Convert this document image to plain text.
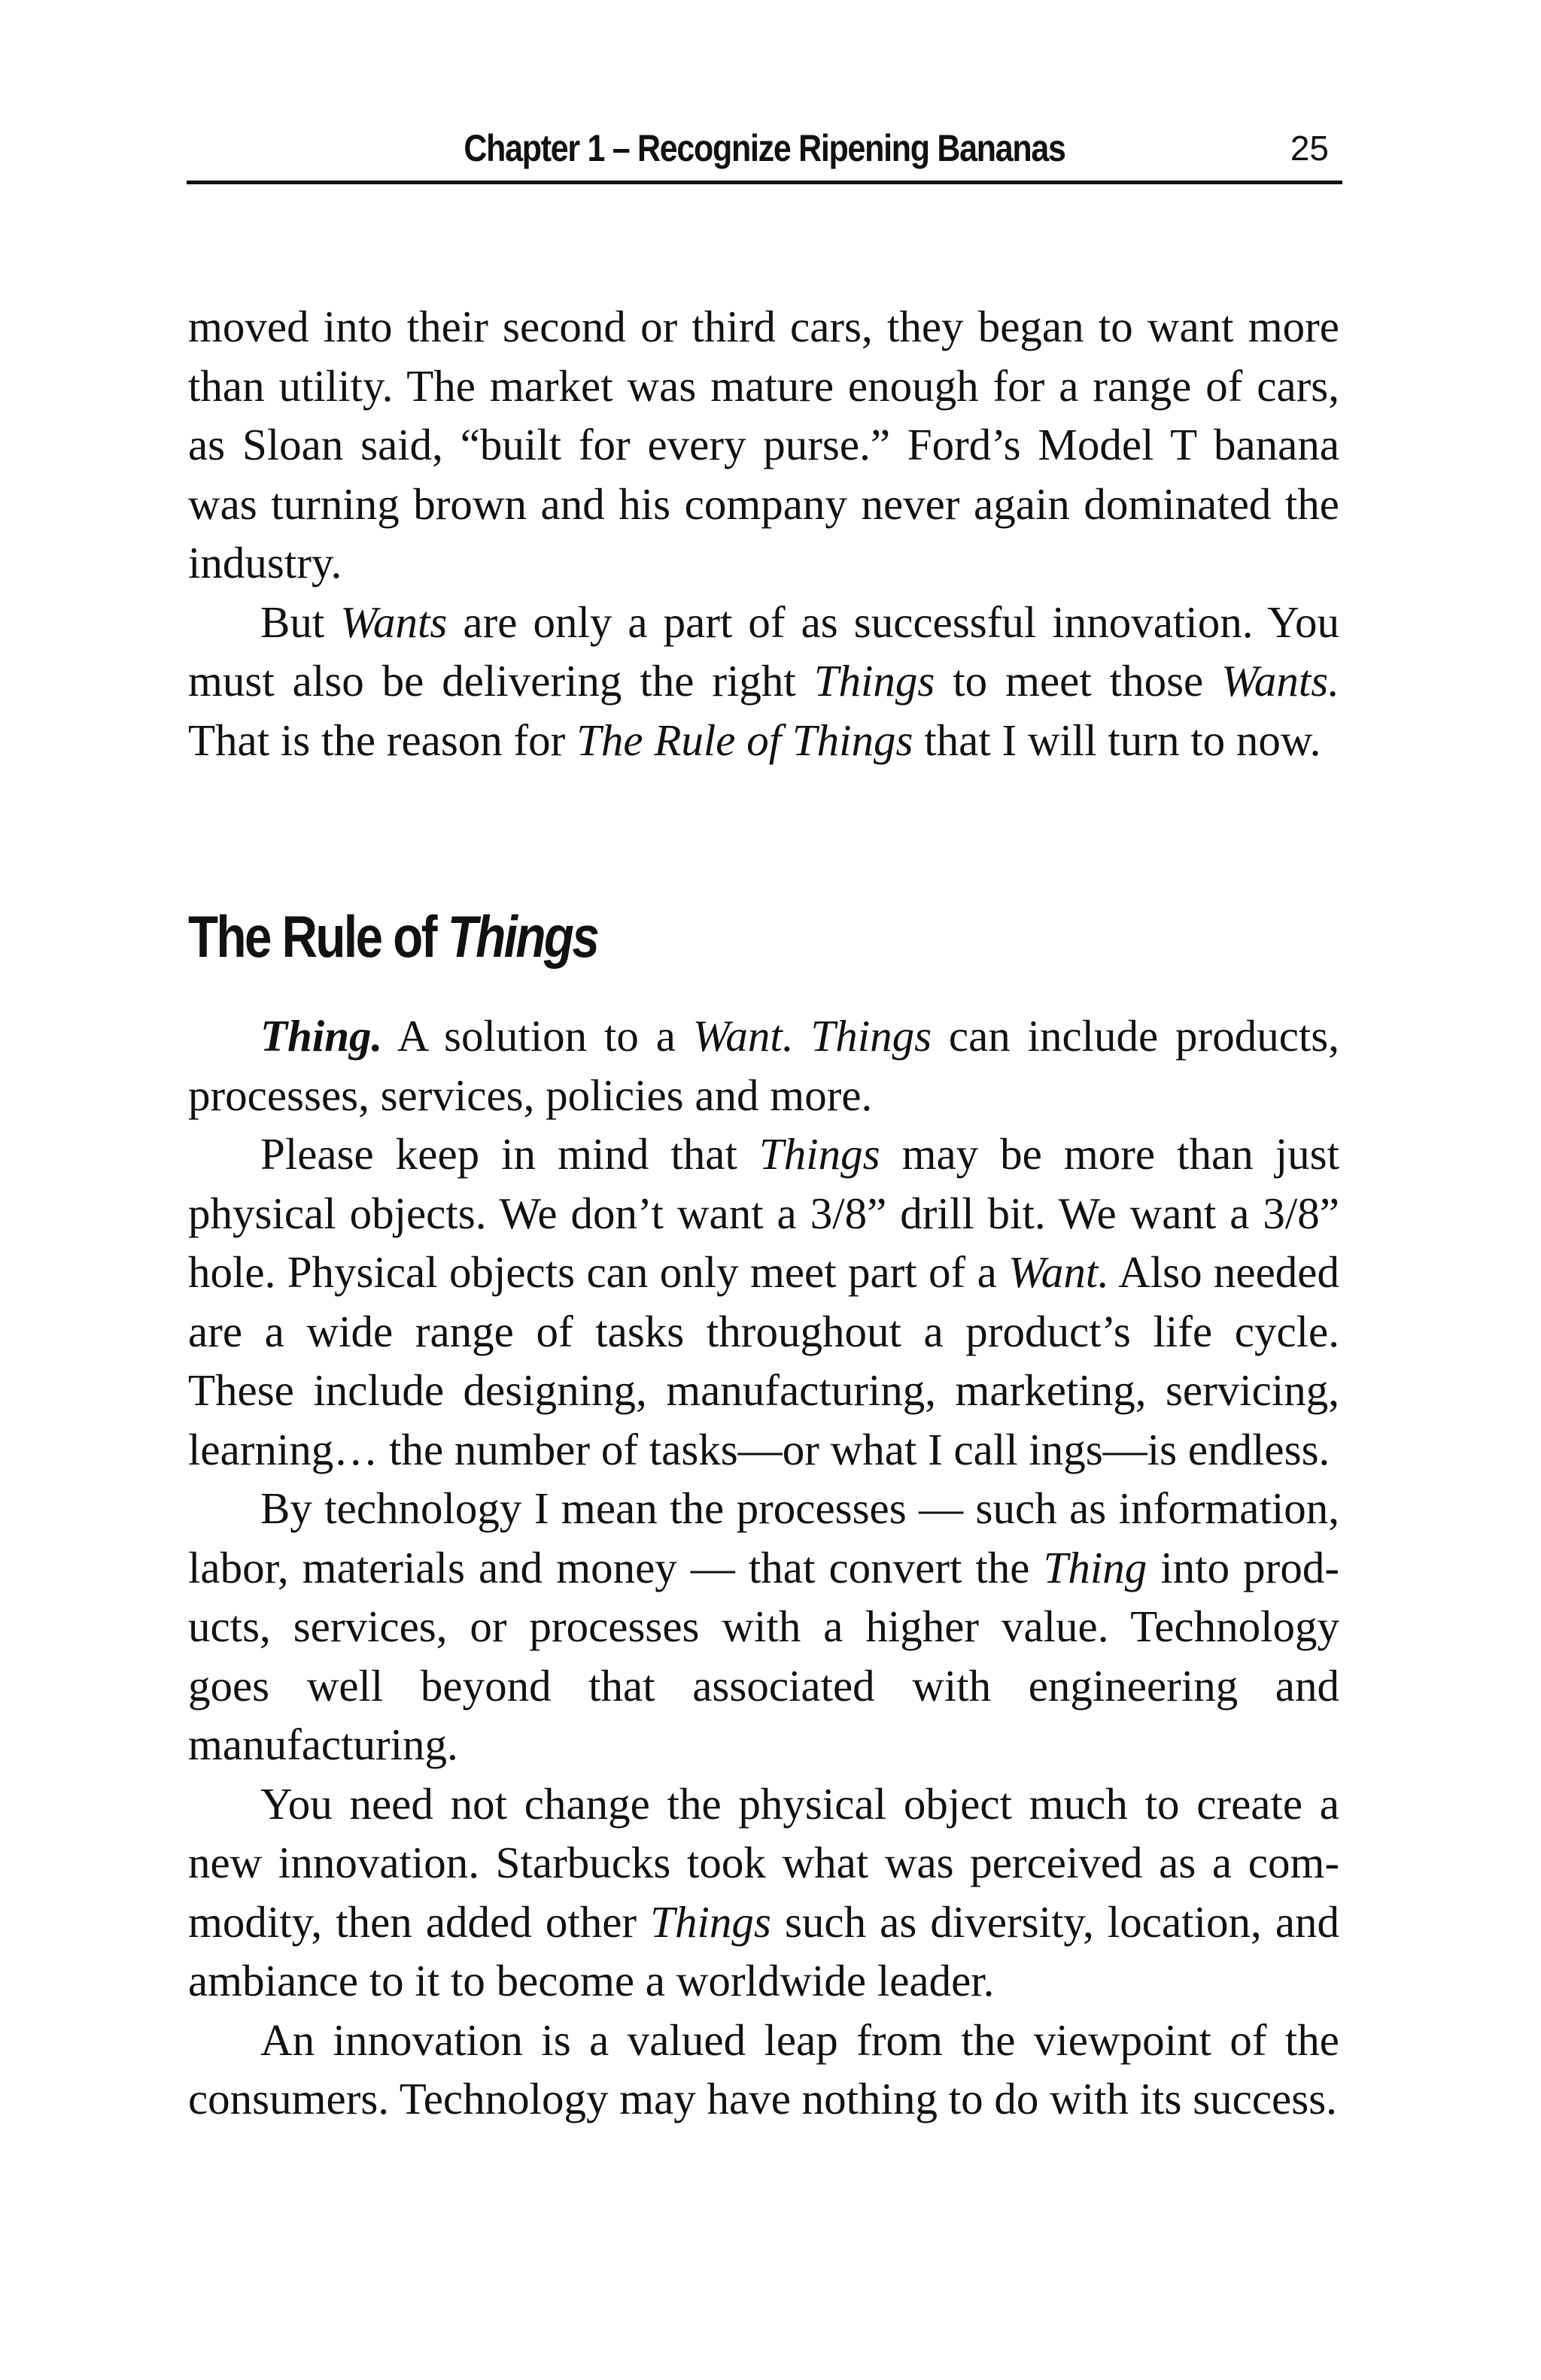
Chapter 1 – Recognize Ripening Bananas	25

moved into their second or third cars, they began to want more than utility. The market was mature enough for a range of cars, as Sloan said, “built for every purse.” Ford’s Model T banana was turning brown and his company never again dominated the industry.

But Wants are only a part of as successful innovation. You must also be delivering the right Things to meet those Wants. That is the reason for The Rule of Things that I will turn to now.

The Rule of Things

Thing. A solution to a Want. Things can include products, processes, services, policies and more.

Please keep in mind that Things may be more than just physical objects. We don’t want a 3/8” drill bit. We want a 3/8” hole. Physical objects can only meet part of a Want. Also needed are a wide range of tasks throughout a product’s life cycle. These include designing, manufacturing, marketing, servicing, learning… the number of tasks—or what I call ings—is endless.

By technology I mean the processes — such as information, labor, materials and money — that convert the Thing into products, services, or processes with a higher value. Technology goes well beyond that associated with engineering and manufacturing.

You need not change the physical object much to create a new innovation. Starbucks took what was perceived as a commodity, then added other Things such as diversity, location, and ambiance to it to become a worldwide leader.

An innovation is a valued leap from the viewpoint of the consumers. Technology may have nothing to do with its success.
